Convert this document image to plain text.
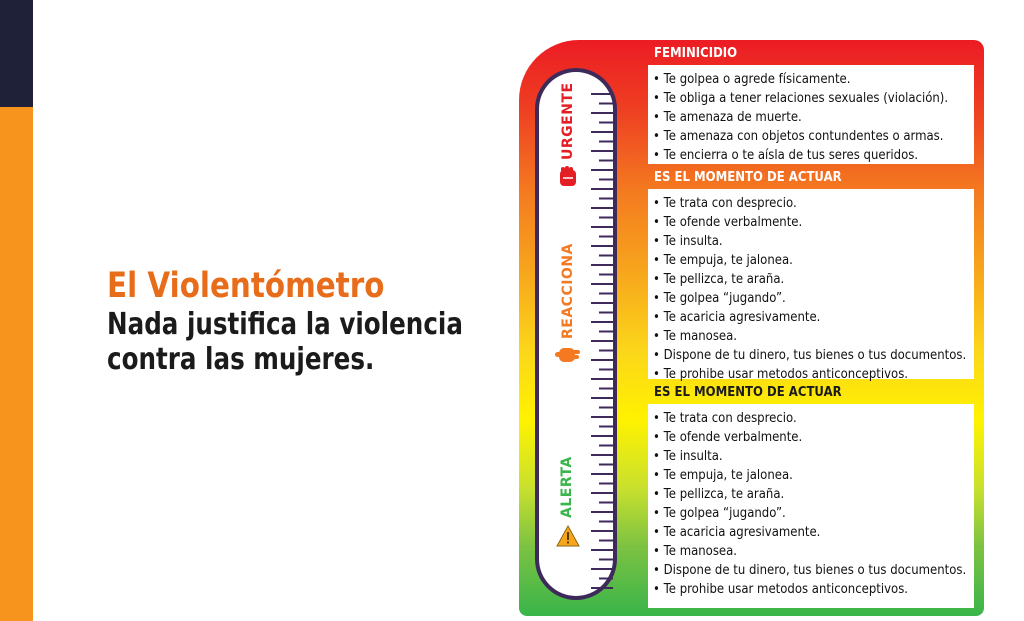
El Violentómetro
Nada justifica la violencia
contra las mujeres.
URGENTE
REACCIONA
ALERTA
FEMINICIDIO
• Te golpea o agrede físicamente.
• Te obliga a tener relaciones sexuales (violación).
• Te amenaza de muerte.
• Te amenaza con objetos contundentes o armas.
• Te encierra o te aísla de tus seres queridos.
ES EL MOMENTO DE ACTUAR
• Te trata con desprecio.
• Te ofende verbalmente.
• Te insulta.
• Te empuja, te jalonea.
• Te pellizca, te araña.
• Te golpea “jugando”.
• Te acaricia agresivamente.
• Te manosea.
• Dispone de tu dinero, tus bienes o tus documentos.
• Te prohibe usar metodos anticonceptivos.
ES EL MOMENTO DE ACTUAR
• Te trata con desprecio.
• Te ofende verbalmente.
• Te insulta.
• Te empuja, te jalonea.
• Te pellizca, te araña.
• Te golpea “jugando”.
• Te acaricia agresivamente.
• Te manosea.
• Dispone de tu dinero, tus bienes o tus documentos.
• Te prohibe usar metodos anticonceptivos.
